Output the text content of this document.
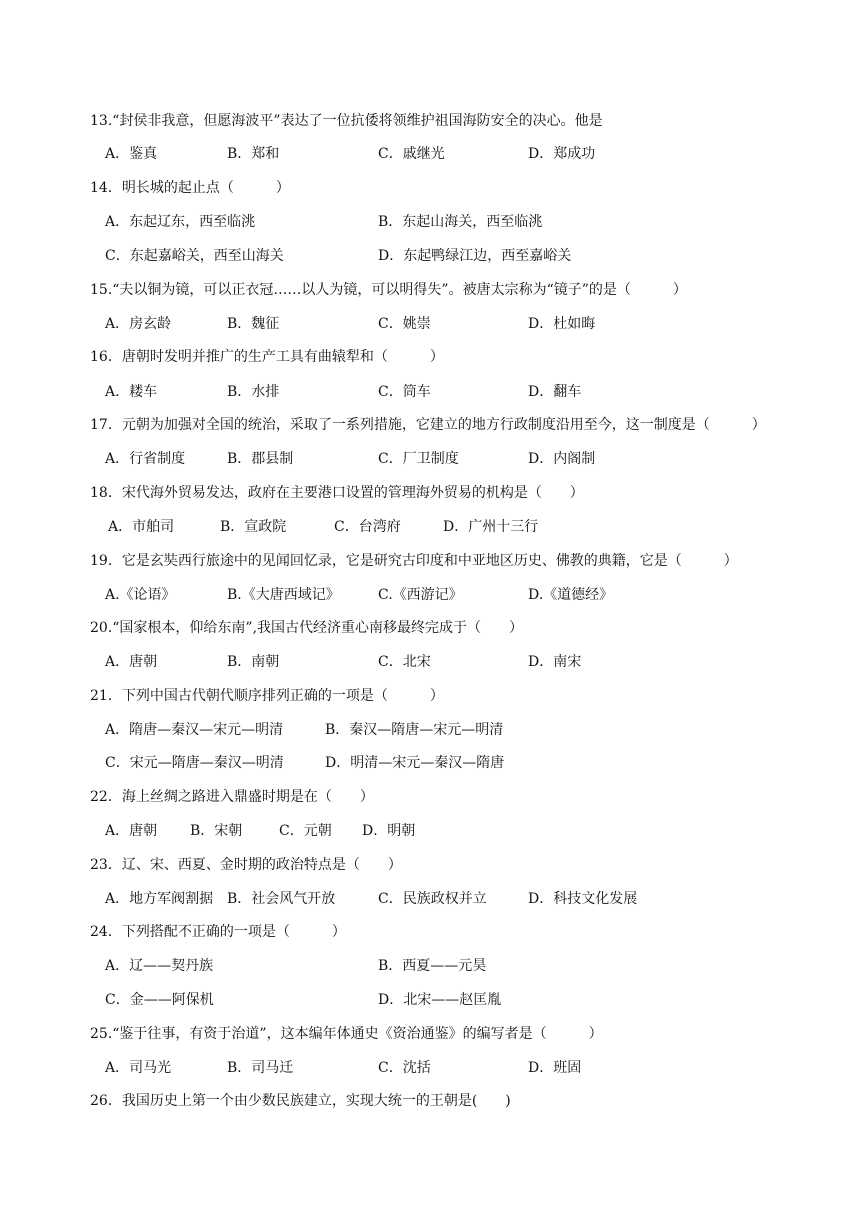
13.“封侯非我意，但愿海波平”表达了一位抗倭将领维护祖国海防安全的决心。他是
A．鉴真	B．郑和	C．戚继光	D．郑成功
14．明长城的起止点（　　　）
A．东起辽东，西至临洮	B．东起山海关，西至临洮
C．东起嘉峪关，西至山海关	D．东起鸭绿江边，西至嘉峪关
15.“夫以铜为镜，可以正衣冠……以人为镜，可以明得失”。被唐太宗称为“镜子”的是（　　　）
A．房玄龄	B．魏征	C．姚崇	D．杜如晦
16．唐朝时发明并推广的生产工具有曲辕犁和（　　　）
A．耧车	B．水排	C．筒车	D．翻车
17．元朝为加强对全国的统治，采取了一系列措施，它建立的地方行政制度沿用至今，这一制度是（　　　）
A．行省制度	B．郡县制	C．厂卫制度	D．内阁制
18．宋代海外贸易发达，政府在主要港口设置的管理海外贸易的机构是（　　）
A．市舶司	B．宣政院	C．台湾府	D．广州十三行
19．它是玄奘西行旅途中的见闻回忆录，它是研究古印度和中亚地区历史、佛教的典籍，它是（　　　）
A.《论语》	B.《大唐西域记》	C.《西游记》	D.《道德经》
20.“国家根本，仰给东南”,我国古代经济重心南移最终完成于（　　）
A．唐朝	B．南朝	C．北宋	D．南宋
21．下列中国古代朝代顺序排列正确的一项是（　　　）
A．隋唐—秦汉—宋元—明清	B．秦汉—隋唐—宋元—明清
C．宋元—隋唐—秦汉—明清	D．明清—宋元—秦汉—隋唐
22．海上丝绸之路进入鼎盛时期是在（　　）
A．唐朝 B．宋朝	C．元朝 D．明朝
23．辽、宋、西夏、金时期的政治特点是（　　）
A．地方军阀割据 B．社会风气开放	C．民族政权并立	D．科技文化发展
24．下列搭配不正确的一项是（　　　）
A．辽——契丹族	B．西夏——元昊
C．金——阿保机	D．北宋——赵匡胤
25.“鉴于往事，有资于治道”，这本编年体通史《资治通鉴》的编写者是（　　　）
A．司马光	B．司马迁	C．沈括	D．班固
26．我国历史上第一个由少数民族建立，实现大统一的王朝是(　　)
